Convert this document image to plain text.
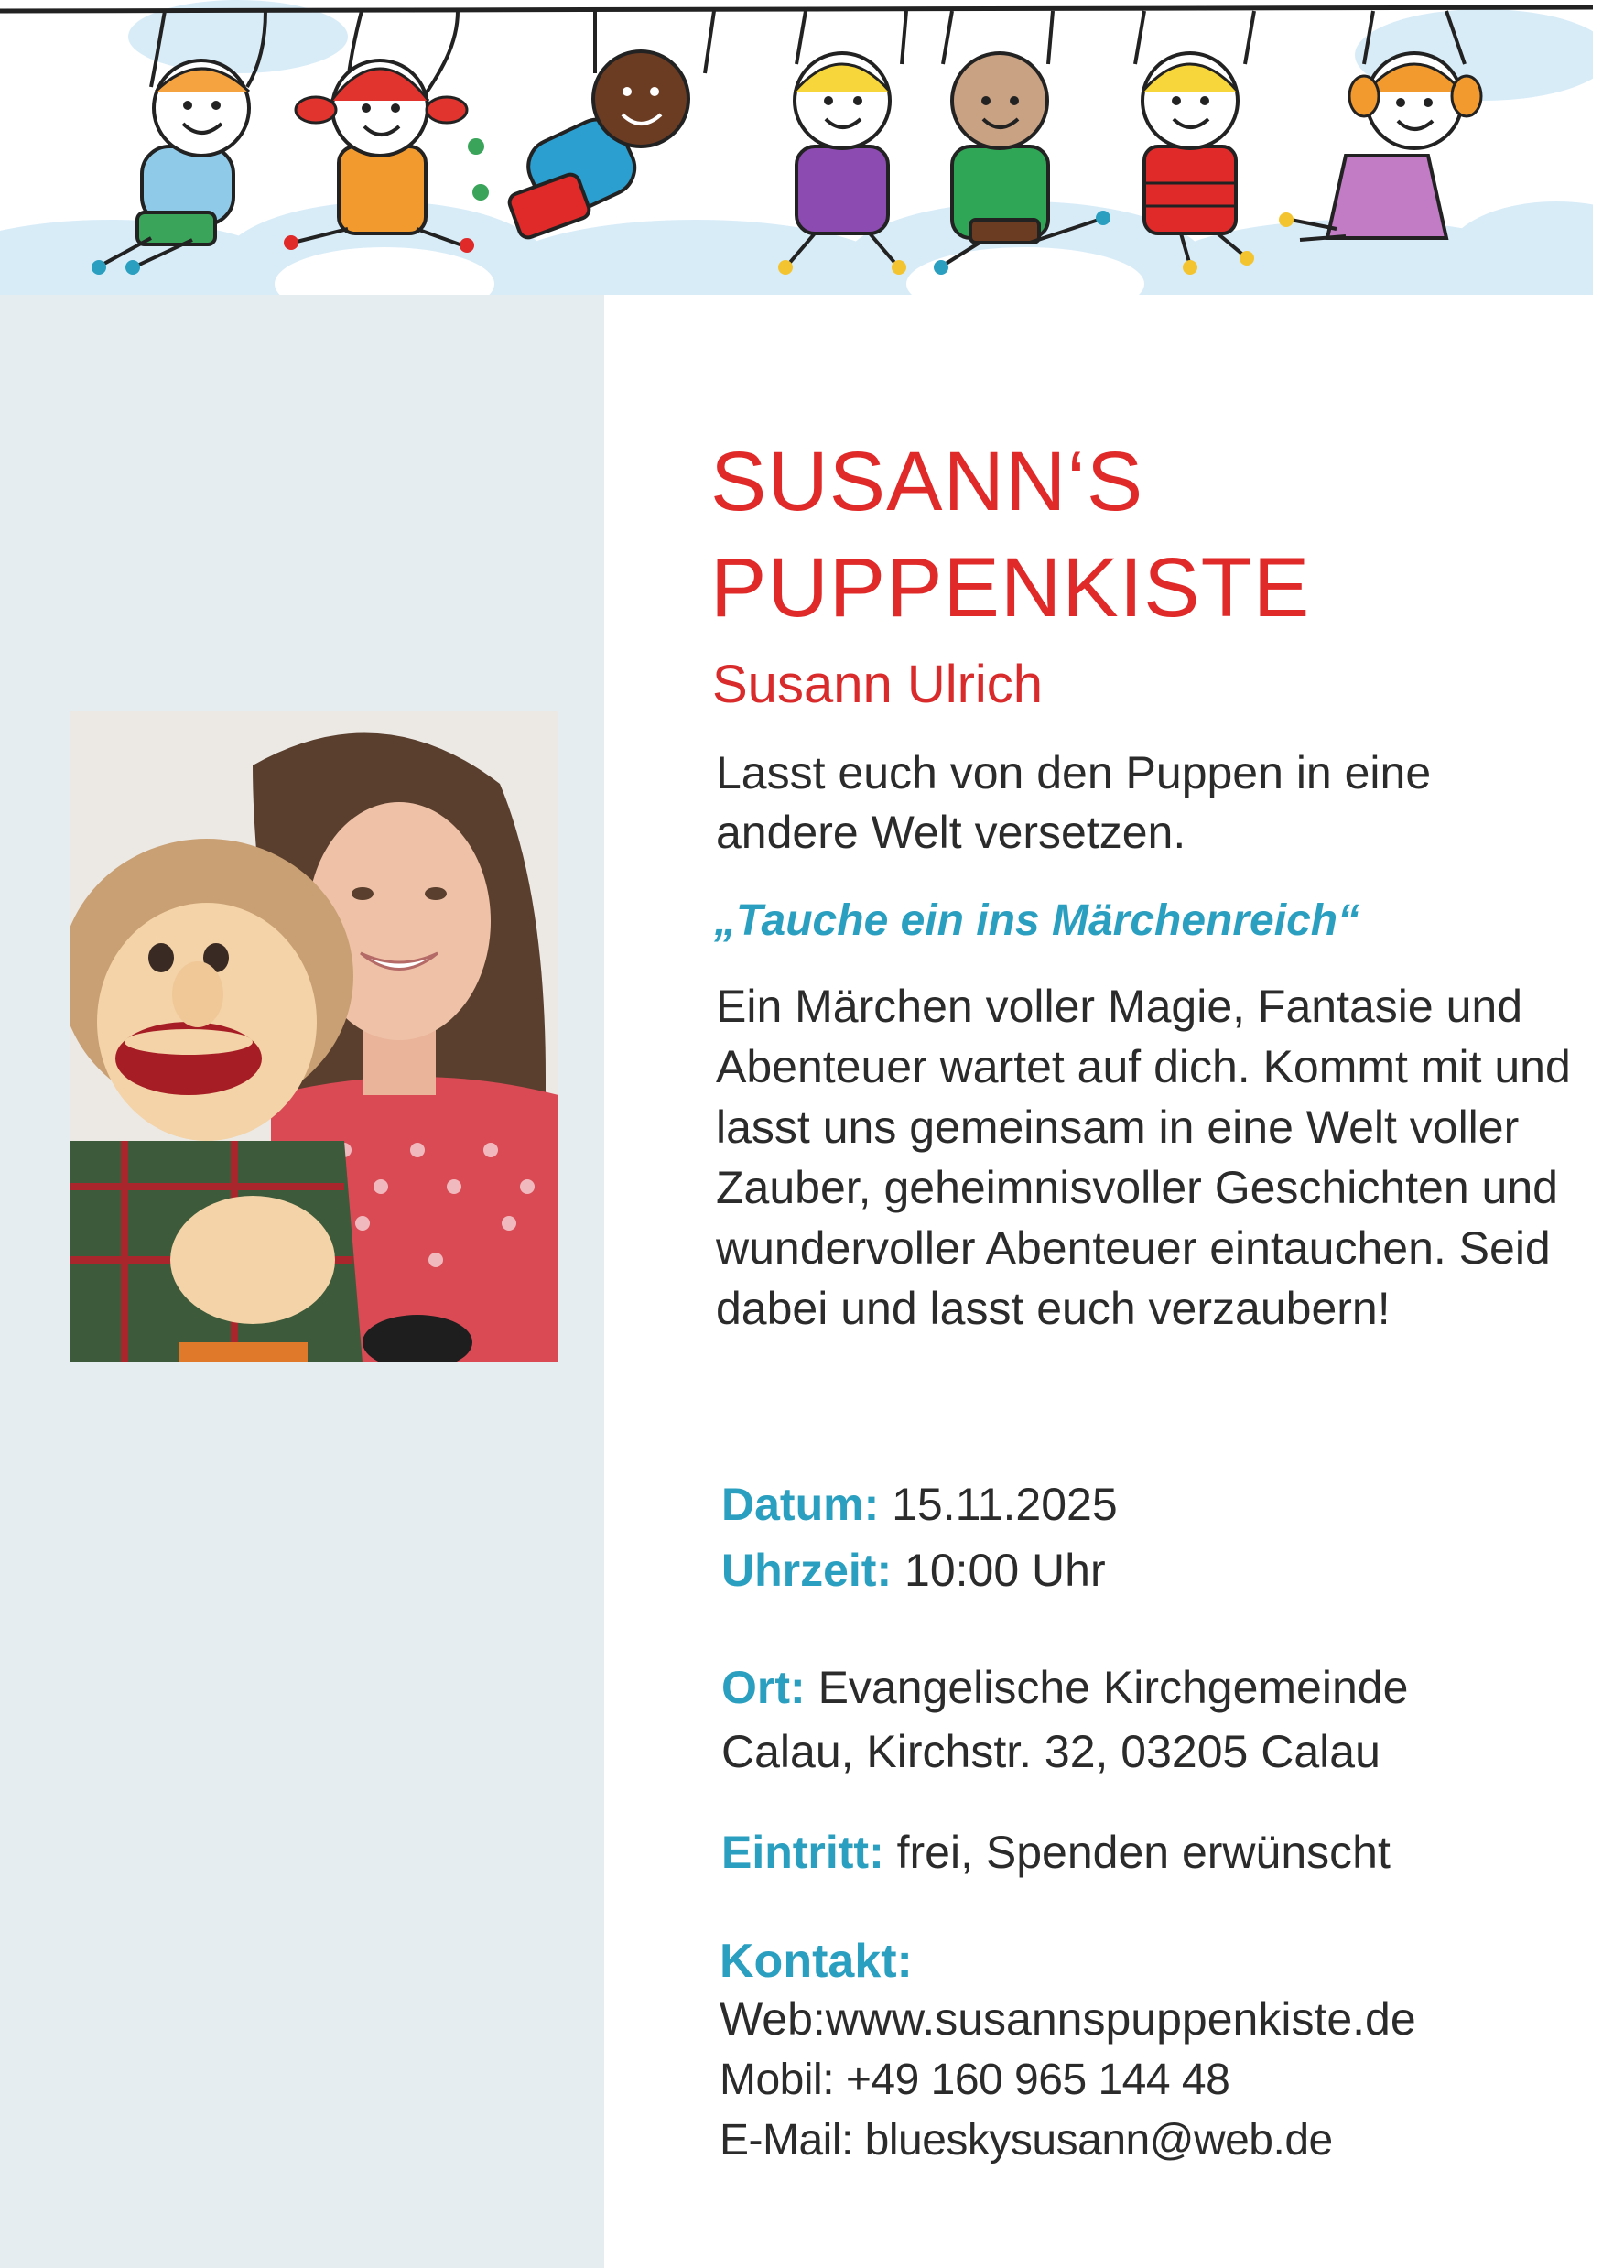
SUSANN‘S
PUPPENKISTE
Susann Ulrich
Lasst euch von den Puppen in eine andere Welt versetzen.
„Tauche ein ins Märchenreich“
Ein Märchen voller Magie, Fantasie und Abenteuer wartet auf dich. Kommt mit und lasst uns gemeinsam in eine Welt voller Zauber, geheimnisvoller Geschichten und wundervoller Abenteuer eintauchen. Seid dabei und lasst euch verzaubern!
Datum: 15.11.2025
Uhrzeit: 10:00 Uhr
Ort: Evangelische Kirchgemeinde
Calau, Kirchstr. 32, 03205 Calau
Eintritt: frei, Spenden erwünscht
Kontakt:
Web:www.susannspuppenkiste.de
Mobil: +49 160 965 144 48
E-Mail: blueskysusann@web.de
